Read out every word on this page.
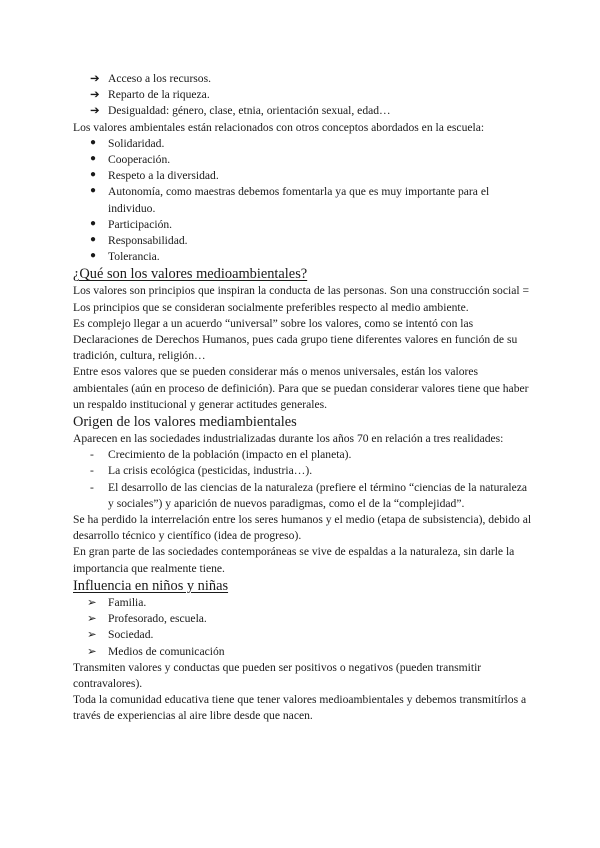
➔ Acceso a los recursos.
➔ Reparto de la riqueza.
➔ Desigualdad: género, clase, etnia, orientación sexual, edad…

Los valores ambientales están relacionados con otros conceptos abordados en la escuela:

● Solidaridad.
● Cooperación.
● Respeto a la diversidad.
● Autonomía, como maestras debemos fomentarla ya que es muy importante para el individuo.
● Participación.
● Responsabilidad.
● Tolerancia.
¿Qué son los valores medioambientales?

Los valores son principios que inspiran la conducta de las personas. Son una construcción social = Los principios que se consideran socialmente preferibles respecto al medio ambiente.

Es complejo llegar a un acuerdo “universal” sobre los valores, como se intentó con las Declaraciones de Derechos Humanos, pues cada grupo tiene diferentes valores en función de su tradición, cultura, religión…

Entre esos valores que se pueden considerar más o menos universales, están los valores ambientales (aún en proceso de definición). Para que se puedan considerar valores tiene que haber un respaldo institucional y generar actitudes generales.

Origen de los valores mediambientales

Aparecen en las sociedades industrializadas durante los años 70 en relación a tres realidades:

- Crecimiento de la población (impacto en el planeta).
- La crisis ecológica (pesticidas, industria…).
- El desarrollo de las ciencias de la naturaleza (prefiere el término “ciencias de la naturaleza y sociales”) y aparición de nuevos paradigmas, como el de la “complejidad”.

Se ha perdido la interrelación entre los seres humanos y el medio (etapa de subsistencia), debido al desarrollo técnico y científico (idea de progreso).

En gran parte de las sociedades contemporáneas se vive de espaldas a la naturaleza, sin darle la importancia que realmente tiene.

Influencia en niños y niñas
➢ Familia.
➢ Profesorado, escuela.
➢ Sociedad.
➢ Medios de comunicación

Transmiten valores y conductas que pueden ser positivos o negativos (pueden transmitir contravalores).

Toda la comunidad educativa tiene que tener valores medioambientales y debemos transmitírlos a través de experiencias al aire libre desde que nacen.
